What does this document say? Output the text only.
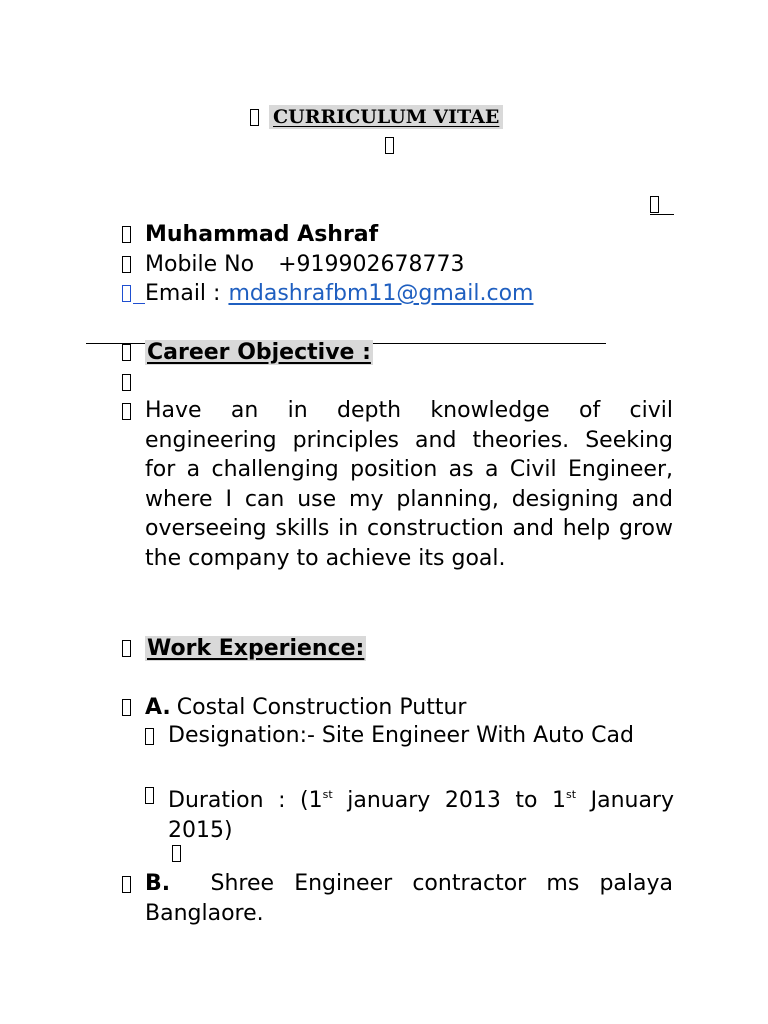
CURRICULUM VITAE
Muhammad Ashraf
Mobile No +919902678773
Email : mdashrafbm11@gmail.com
Career Objective :
Have an in depth knowledge of civil engineering principles and theories. Seeking for a challenging position as a Civil Engineer, where I can use my planning, designing and overseeing skills in construction and help grow the company to achieve its goal.
Work Experience:
A. Costal Construction Puttur
Designation:- Site Engineer With Auto Cad
Duration : (1st january 2013 to 1st January 2015)
B. Shree Engineer contractor ms palaya Banglaore.
